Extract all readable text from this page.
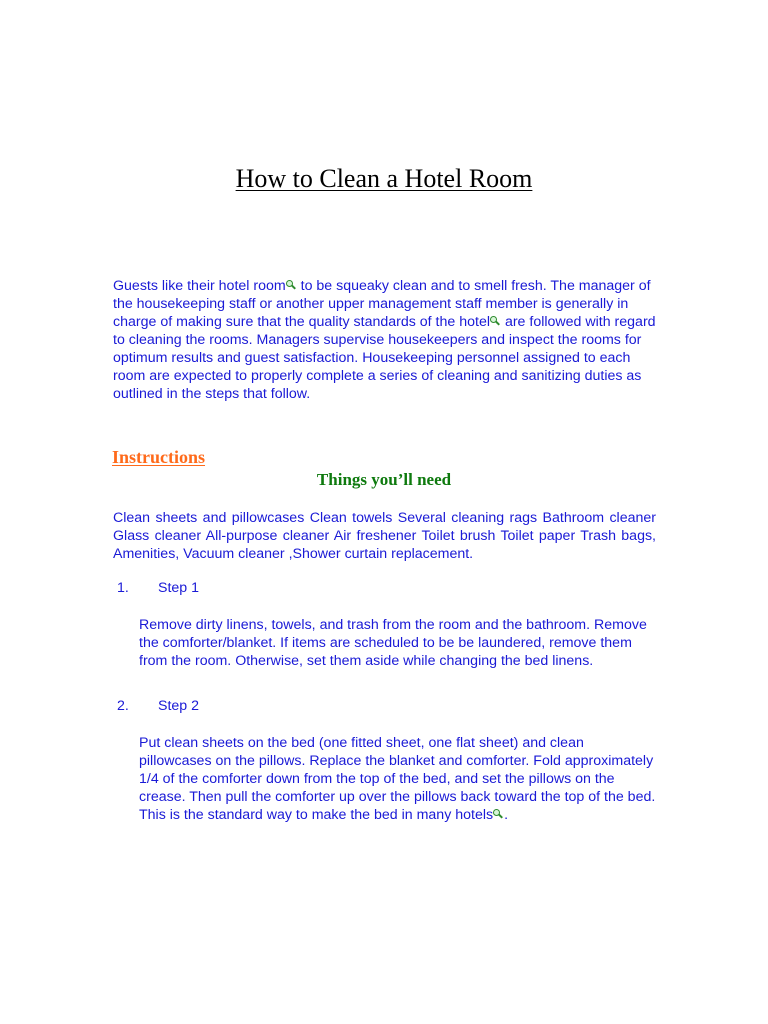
How to Clean a Hotel Room

Guests like their hotel room
to be squeaky clean and to smell fresh. The manager of the housekeeping staff or another upper management staff member is generally in charge of making sure that the quality standards of the hotel
are followed with regard to cleaning the rooms. Managers supervise housekeepers and inspect the rooms for optimum results and guest satisfaction. Housekeeping personnel assigned to each room are expected to properly complete a series of cleaning and sanitizing duties as outlined in the steps that follow.

Instructions
Things you’ll need

Clean sheets and pillowcases Clean towels Several cleaning rags Bathroom cleaner Glass cleaner All-purpose cleaner Air freshener Toilet brush Toilet paper Trash bags, Amenities, Vacuum cleaner ,Shower curtain replacement.

1. Step 1

Remove dirty linens, towels, and trash from the room and the bathroom. Remove the comforter/blanket. If items are scheduled to be be laundered, remove them from the room. Otherwise, set them aside while changing the bed linens.

2. Step 2

Put clean sheets on the bed (one fitted sheet, one flat sheet) and clean pillowcases on the pillows. Replace the blanket and comforter. Fold approximately 1/4 of the comforter down from the top of the bed, and set the pillows on the crease. Then pull the comforter up over the pillows back toward the top of the bed. This is the standard way to make the bed in many hotels .
